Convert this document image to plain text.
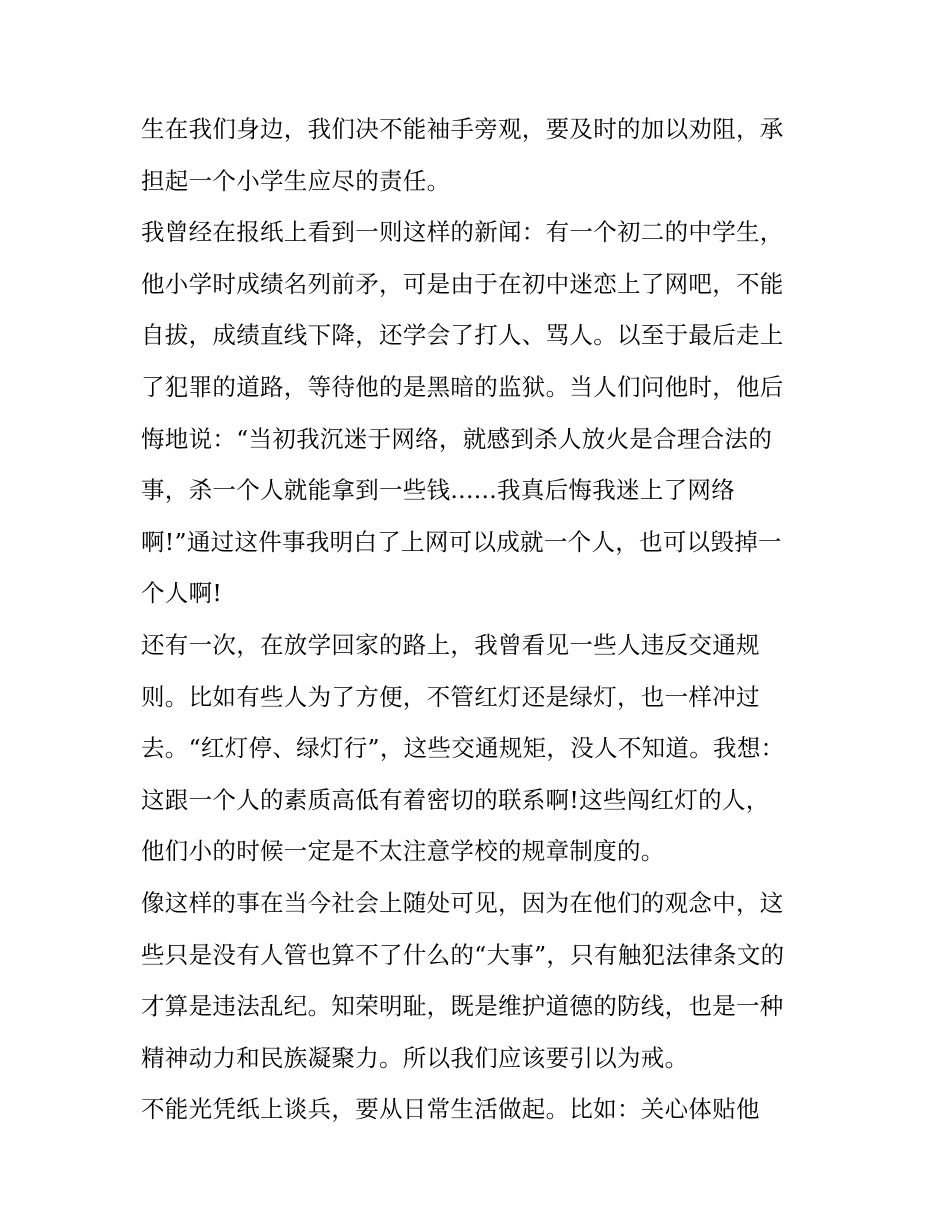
生在我们身边，我们决不能袖手旁观，要及时的加以劝阻，承
担起一个小学生应尽的责任。
我曾经在报纸上看到一则这样的新闻：有一个初二的中学生，
他小学时成绩名列前矛，可是由于在初中迷恋上了网吧，不能
自拔，成绩直线下降，还学会了打人、骂人。以至于最后走上
了犯罪的道路，等待他的是黑暗的监狱。当人们问他时，他后
悔地说：“当初我沉迷于网络，就感到杀人放火是合理合法的
事，杀一个人就能拿到一些钱......我真后悔我迷上了网络
啊!”通过这件事我明白了上网可以成就一个人，也可以毁掉一
个人啊!
还有一次，在放学回家的路上，我曾看见一些人违反交通规
则。比如有些人为了方便，不管红灯还是绿灯，也一样冲过
去。“红灯停、绿灯行”，这些交通规矩，没人不知道。我想：
这跟一个人的素质高低有着密切的联系啊!这些闯红灯的人，
他们小的时候一定是不太注意学校的规章制度的。
像这样的事在当今社会上随处可见，因为在他们的观念中，这
些只是没有人管也算不了什么的“大事”，只有触犯法律条文的
才算是违法乱纪。知荣明耻，既是维护道德的防线，也是一种
精神动力和民族凝聚力。所以我们应该要引以为戒。
不能光凭纸上谈兵，要从日常生活做起。比如：关心体贴他
